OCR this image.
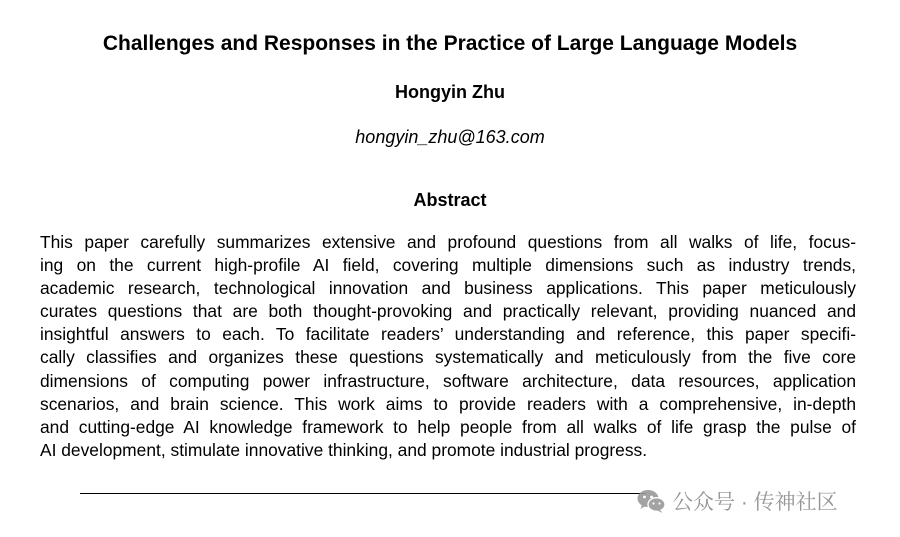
Challenges and Responses in the Practice of Large Language Models
Hongyin Zhu
hongyin_zhu@163.com
Abstract
This paper carefully summarizes extensive and profound questions from all walks of life, focus-
ing on the current high-profile AI field, covering multiple dimensions such as industry trends,
academic research, technological innovation and business applications. This paper meticulously
curates questions that are both thought-provoking and practically relevant, providing nuanced and
insightful answers to each. To facilitate readers’ understanding and reference, this paper specifi-
cally classifies and organizes these questions systematically and meticulously from the five core
dimensions of computing power infrastructure, software architecture, data resources, application
scenarios, and brain science. This work aims to provide readers with a comprehensive, in-depth
and cutting-edge AI knowledge framework to help people from all walks of life grasp the pulse of
AI development, stimulate innovative thinking, and promote industrial progress.
公众号 · 传神社区
